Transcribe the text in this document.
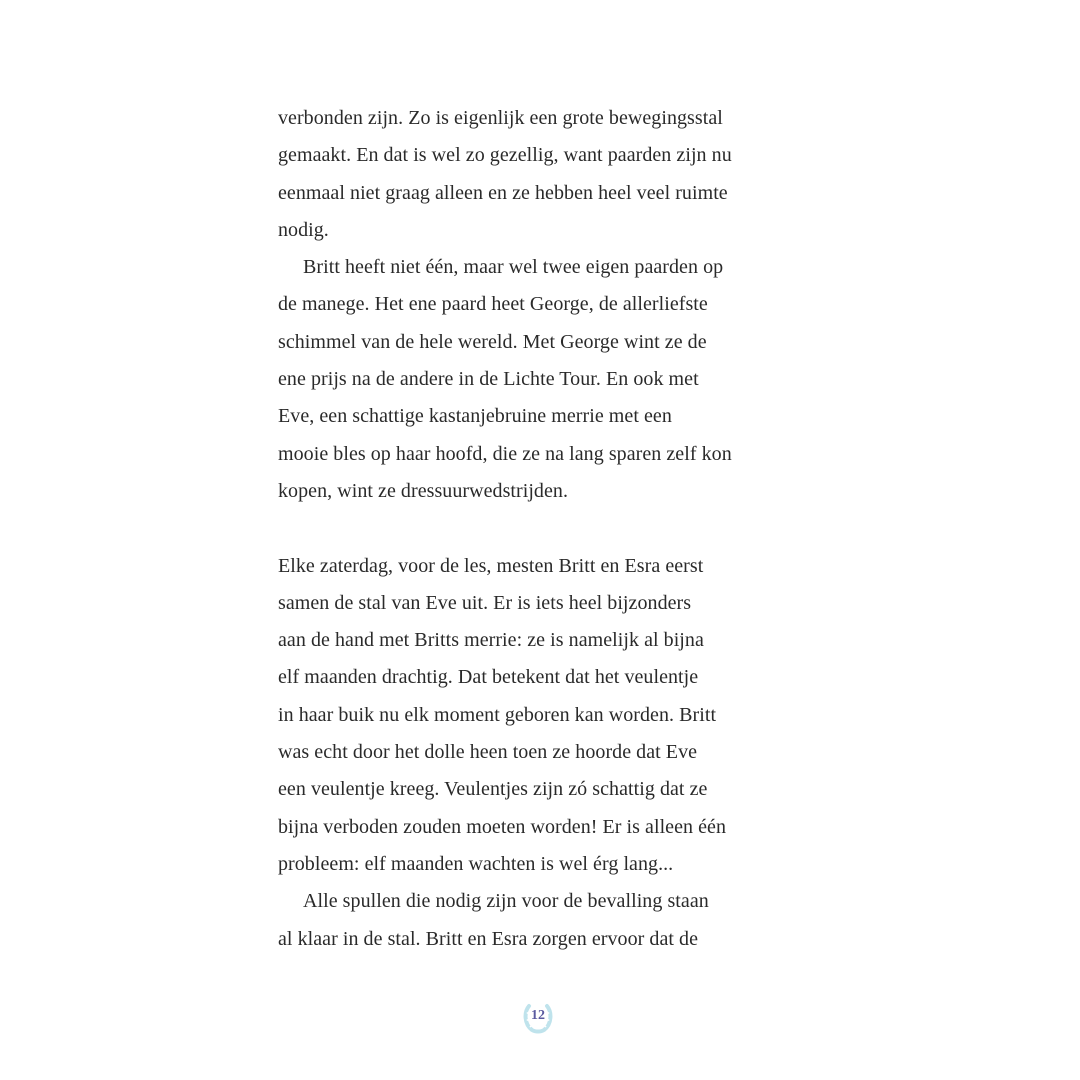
verbonden zijn. Zo is eigenlijk een grote bewegingsstal
gemaakt. En dat is wel zo gezellig, want paarden zijn nu
eenmaal niet graag alleen en ze hebben heel veel ruimte
nodig.
Britt heeft niet één, maar wel twee eigen paarden op
de manege. Het ene paard heet George, de allerliefste
schimmel van de hele wereld. Met George wint ze de
ene prijs na de andere in de Lichte Tour. En ook met
Eve, een schattige kastanjebruine merrie met een
mooie bles op haar hoofd, die ze na lang sparen zelf kon
kopen, wint ze dressuurwedstrijden.
Elke zaterdag, voor de les, mesten Britt en Esra eerst
samen de stal van Eve uit. Er is iets heel bijzonders
aan de hand met Britts merrie: ze is namelijk al bijna
elf maanden drachtig. Dat betekent dat het veulentje
in haar buik nu elk moment geboren kan worden. Britt
was echt door het dolle heen toen ze hoorde dat Eve
een veulentje kreeg. Veulentjes zijn zó schattig dat ze
bijna verboden zouden moeten worden! Er is alleen één
probleem: elf maanden wachten is wel érg lang...
Alle spullen die nodig zijn voor de bevalling staan
al klaar in de stal. Britt en Esra zorgen ervoor dat de
12
